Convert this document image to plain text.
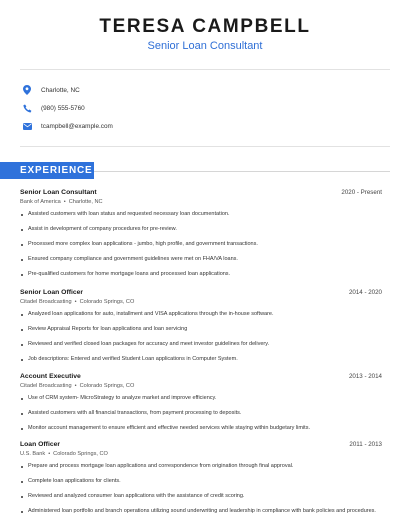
TERESA CAMPBELL
Senior Loan Consultant
Charlotte, NC
(980) 555-5760
tcampbell@example.com
EXPERIENCE
Senior Loan Consultant	2020 - Present
Bank of America • Charlotte, NC
Assisted customers with loan status and requested necessary loan documentation.
Assist in development of company procedures for pre-review.
Processed more complex loan applications - jumbo, high profile, and government transactions.
Ensured company compliance and government guidelines were met on FHA/VA loans.
Pre-qualified customers for home mortgage loans and processed loan applications.
Senior Loan Officer	2014 - 2020
Citadel Broadcasting • Colorado Springs, CO
Analyzed loan applications for auto, installment and VISA applications through the in-house software.
Review Appraisal Reports for loan applications and loan servicing
Reviewed and verified closed loan packages for accuracy and meet investor guidelines for delivery.
Job descriptions: Entered and verified Student Loan applications in Computer System.
Account Executive	2013 - 2014
Citadel Broadcasting • Colorado Springs, CO
Use of CRM system- MicroStrategy to analyze market and improve efficiency.
Assisted customers with all financial transactions, from payment processing to deposits.
Monitor account management to ensure efficient and effective needed services while staying within budgetary limits.
Loan Officer	2011 - 2013
U.S. Bank • Colorado Springs, CO
Prepare and process mortgage loan applications and correspondence from origination through final approval.
Complete loan applications for clients.
Reviewed and analyzed consumer loan applications with the assistance of credit scoring.
Administered loan portfolio and branch operations utilizing sound underwriting and leadership in compliance with bank policies and procedures.
